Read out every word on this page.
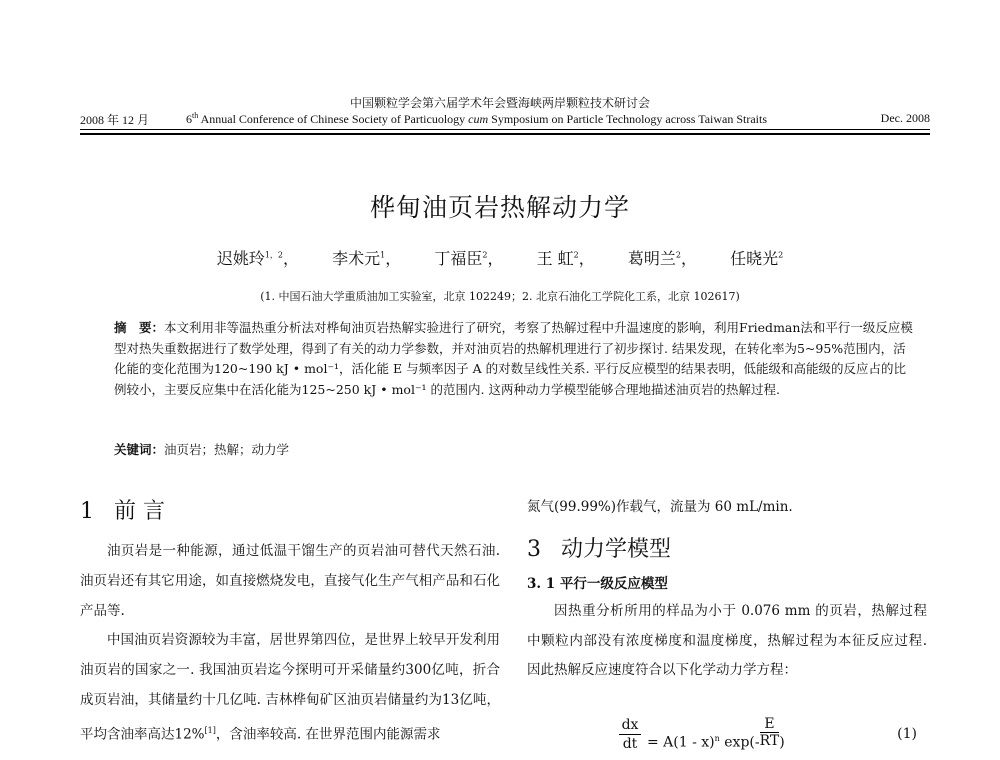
中国颗粒学会第六届学术年会暨海峡两岸颗粒技术研讨会
2008 年 12 月	6th Annual Conference of Chinese Society of Particuology cum Symposium on Particle Technology across Taiwan Straits	Dec. 2008
桦甸油页岩热解动力学
迟姚玲$^{1,2}$， 李术元$^1$， 丁福臣$^2$， 王 虹$^2$， 葛明兰$^2$， 任晓光$^2$
(1. 中国石油大学重质油加工实验室，北京 102249；2. 北京石油化工学院化工系，北京 102617)
摘　要：本文利用非等温热重分析法对桦甸油页岩热解实验进行了研究，考察了热解过程中升温速度的影响，利用Friedman法和平行一级反应模型对热失重数据进行了数学处理，得到了有关的动力学参数，并对油页岩的热解机理进行了初步探讨. 结果发现，在转化率为5~95%范围内，活化能的变化范围为120~190 kJ • mol⁻¹，活化能 E 与频率因子 A 的对数呈线性关系. 平行反应模型的结果表明，低能级和高能级的反应占的比例较小，主要反应集中在活化能为125~250 kJ • mol⁻¹ 的范围内. 这两种动力学模型能够合理地描述油页岩的热解过程.
关键词：油页岩；热解；动力学

1 前 言

油页岩是一种能源，通过低温干馏生产的页岩油可替代天然石油. 油页岩还有其它用途，如直接燃烧发电，直接气化生产气相产品和石化产品等.

中国油页岩资源较为丰富，居世界第四位，是世界上较早开发利用油页岩的国家之一. 我国油页岩迄今探明可开采储量约300亿吨，折合成页岩油，其储量约十几亿吨. 吉林桦甸矿区油页岩储量约为13亿吨，平均含油率高达12%[1]，含油率较高. 在世界范围内能源需求

氮气(99.99%)作载气，流量为 60 mL/min.

3 动力学模型

3. 1 平行一级反应模型

因热重分析所用的样品为小于 0.076 mm 的页岩，热解过程中颗粒内部没有浓度梯度和温度梯度，热解过程为本征反应过程. 因此热解反应速度符合以下化学动力学方程：

dx
dt = A(1 - x)$^n$ $\exp(- \frac{E}{RT}$ )
(1)
